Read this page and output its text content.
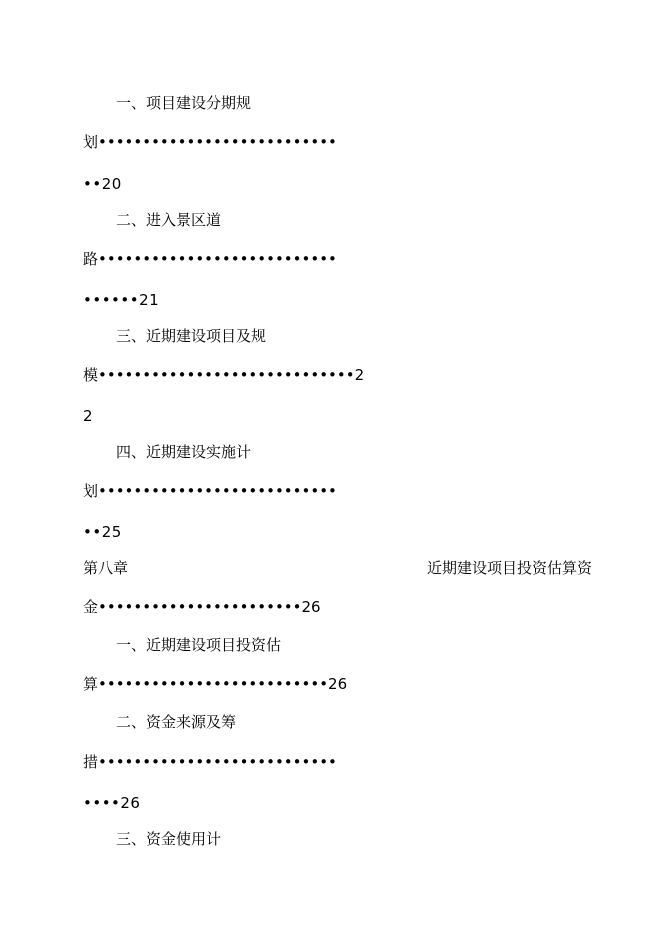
一、项目建设分期规
划•••••••••••••••••••••••••••
••20
二、进入景区道
路•••••••••••••••••••••••••••
••••••21
三、近期建设项目及规
模•••••••••••••••••••••••••••••2
2
四、近期建设实施计
划•••••••••••••••••••••••••••
••25
第八章	近期建设项目投资估算资
金•••••••••••••••••••••••26
一、近期建设项目投资估
算••••••••••••••••••••••••••26
二、资金来源及筹
措•••••••••••••••••••••••••••
••••26
三、资金使用计
